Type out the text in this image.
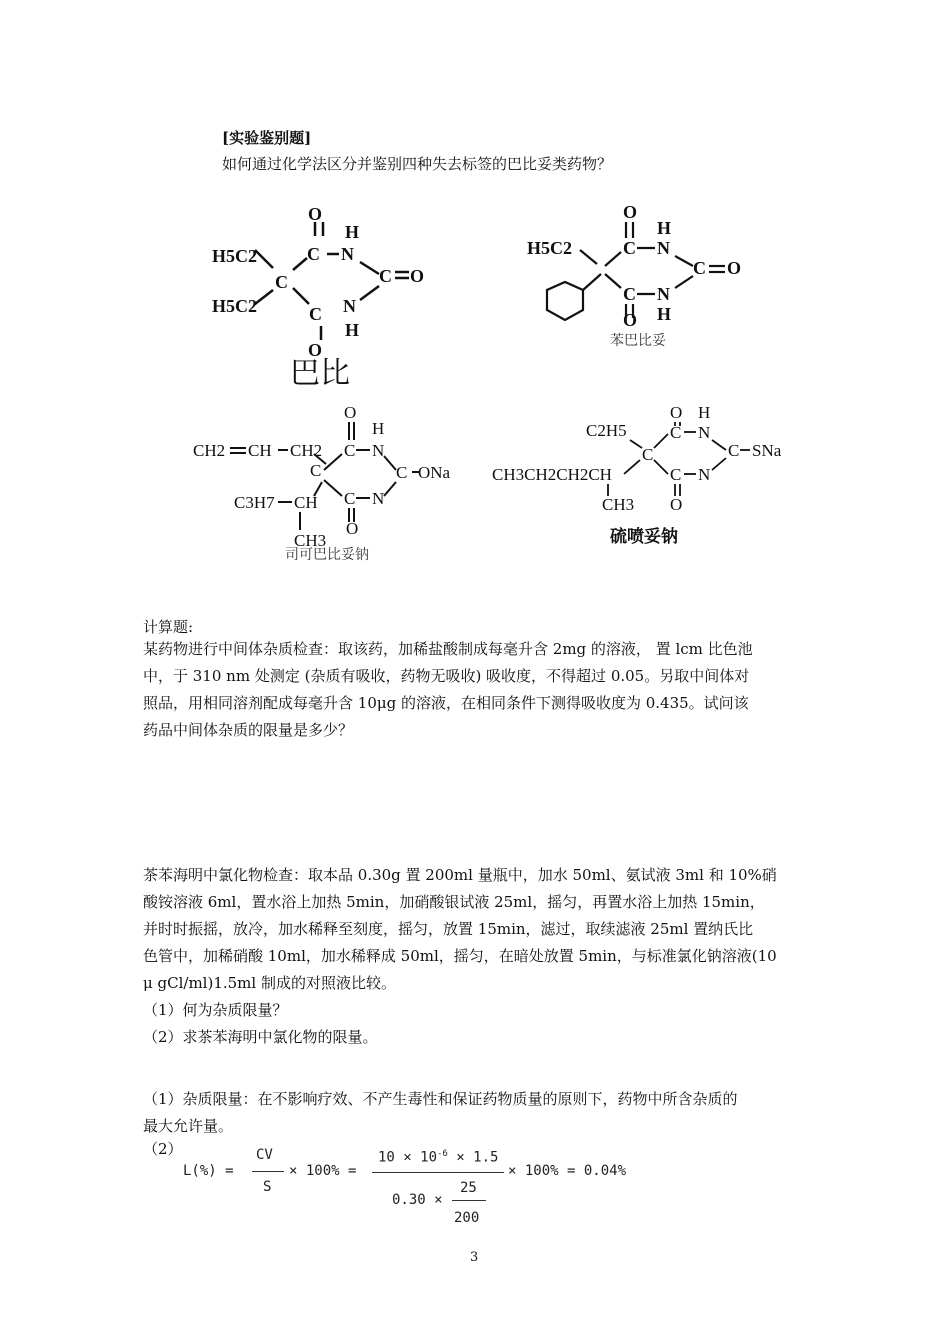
[实验鉴别题]
如何通过化学法区分并鉴别四种失去标签的巴比妥类药物？
O
H
H5C2	C N
C	C O
H5C2	C N
H
O
巴比
O
H
H5C2	C N
C O
C N
O H
苯巴比妥
O
H
CH2 CH CH2 C N
C	C ONa
C3H7 CH C N
O
CH3
司可巴比妥钠
O H
C2H5	C N
C SNa
C
CH3CH2CH2CH	C N
CH3 O
硫喷妥钠
计算题:
某药物进行中间体杂质检查：取该药，加稀盐酸制成每毫升含 2mg 的溶液， 置 lcm 比色池
中，于 310 nm 处测定 (杂质有吸收，药物无吸收) 吸收度，不得超过 0.05。另取中间体对
照品，用相同溶剂配成每毫升含 10μg 的溶液，在相同条件下测得吸收度为 0.435。试问该
药品中间体杂质的限量是多少？
茶苯海明中氯化物检查：取本品 0.30g 置 200ml 量瓶中，加水 50ml、氨试液 3ml 和 10%硝
酸铵溶液 6ml，置水浴上加热 5min，加硝酸银试液 25ml，摇匀，再置水浴上加热 15min，
并时时振摇，放冷，加水稀释至刻度，摇匀，放置 15min，滤过，取续滤液 25ml 置纳氏比
色管中，加稀硝酸 10ml，加水稀释成 50ml，摇匀，在暗处放置 5min，与标准氯化钠溶液(10
μ gCl/ml)1.5ml 制成的对照液比较。
（1）何为杂质限量？
（2）求茶苯海明中氯化物的限量。
（1）杂质限量：在不影响疗效、不产生毒性和保证药物质量的原则下，药物中所含杂质的
最大允许量。
（2）
L(%) =
CV
S
× 100% =
$10 \times 10^{-6} \times 1.5$
0.30 ×
25
200
× 100% = 0.04%
3
